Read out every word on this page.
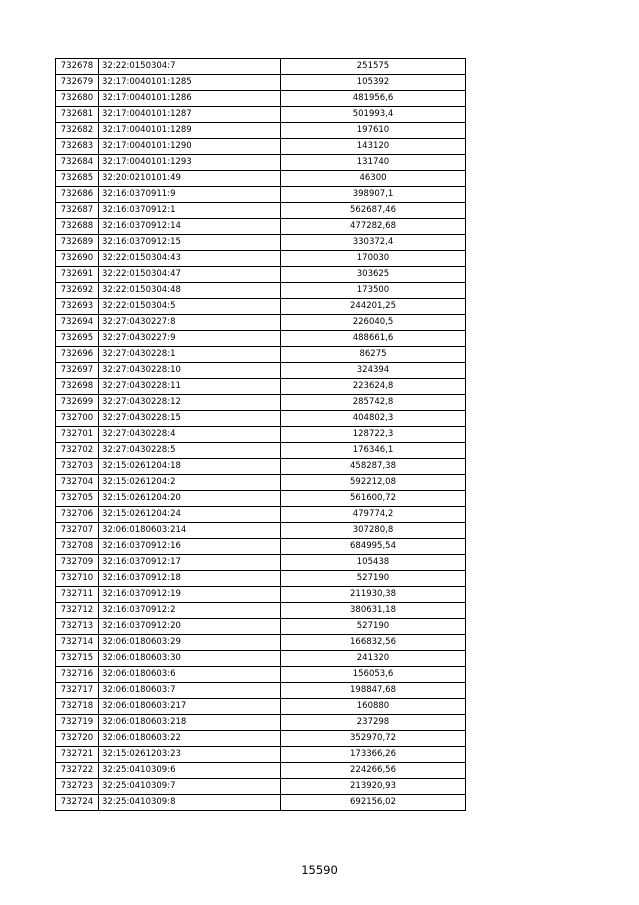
732678	32:22:0150304:7	251575
732679	32:17:0040101:1285	105392
732680	32:17:0040101:1286	481956,6
732681	32:17:0040101:1287	501993,4
732682	32:17:0040101:1289	197610
732683	32:17:0040101:1290	143120
732684	32:17:0040101:1293	131740
732685	32:20:0210101:49	46300
732686	32:16:0370911:9	398907,1
732687	32:16:0370912:1	562687,46
732688	32:16:0370912:14	477282,68
732689	32:16:0370912:15	330372,4
732690	32:22:0150304:43	170030
732691	32:22:0150304:47	303625
732692	32:22:0150304:48	173500
732693	32:22:0150304:5	244201,25
732694	32:27:0430227:8	226040,5
732695	32:27:0430227:9	488661,6
732696	32:27:0430228:1	86275
732697	32:27:0430228:10	324394
732698	32:27:0430228:11	223624,8
732699	32:27:0430228:12	285742,8
732700	32:27:0430228:15	404802,3
732701	32:27:0430228:4	128722,3
732702	32:27:0430228:5	176346,1
732703	32:15:0261204:18	458287,38
732704	32:15:0261204:2	592212,08
732705	32:15:0261204:20	561600,72
732706	32:15:0261204:24	479774,2
732707	32:06:0180603:214	307280,8
732708	32:16:0370912:16	684995,54
732709	32:16:0370912:17	105438
732710	32:16:0370912:18	527190
732711	32:16:0370912:19	211930,38
732712	32:16:0370912:2	380631,18
732713	32:16:0370912:20	527190
732714	32:06:0180603:29	166832,56
732715	32:06:0180603:30	241320
732716	32:06:0180603:6	156053,6
732717	32:06:0180603:7	198847,68
732718	32:06:0180603:217	160880
732719	32:06:0180603:218	237298
732720	32:06:0180603:22	352970,72
732721	32:15:0261203:23	173366,26
732722	32:25:0410309:6	224266,56
732723	32:25:0410309:7	213920,93
732724	32:25:0410309:8	692156,02
15590
